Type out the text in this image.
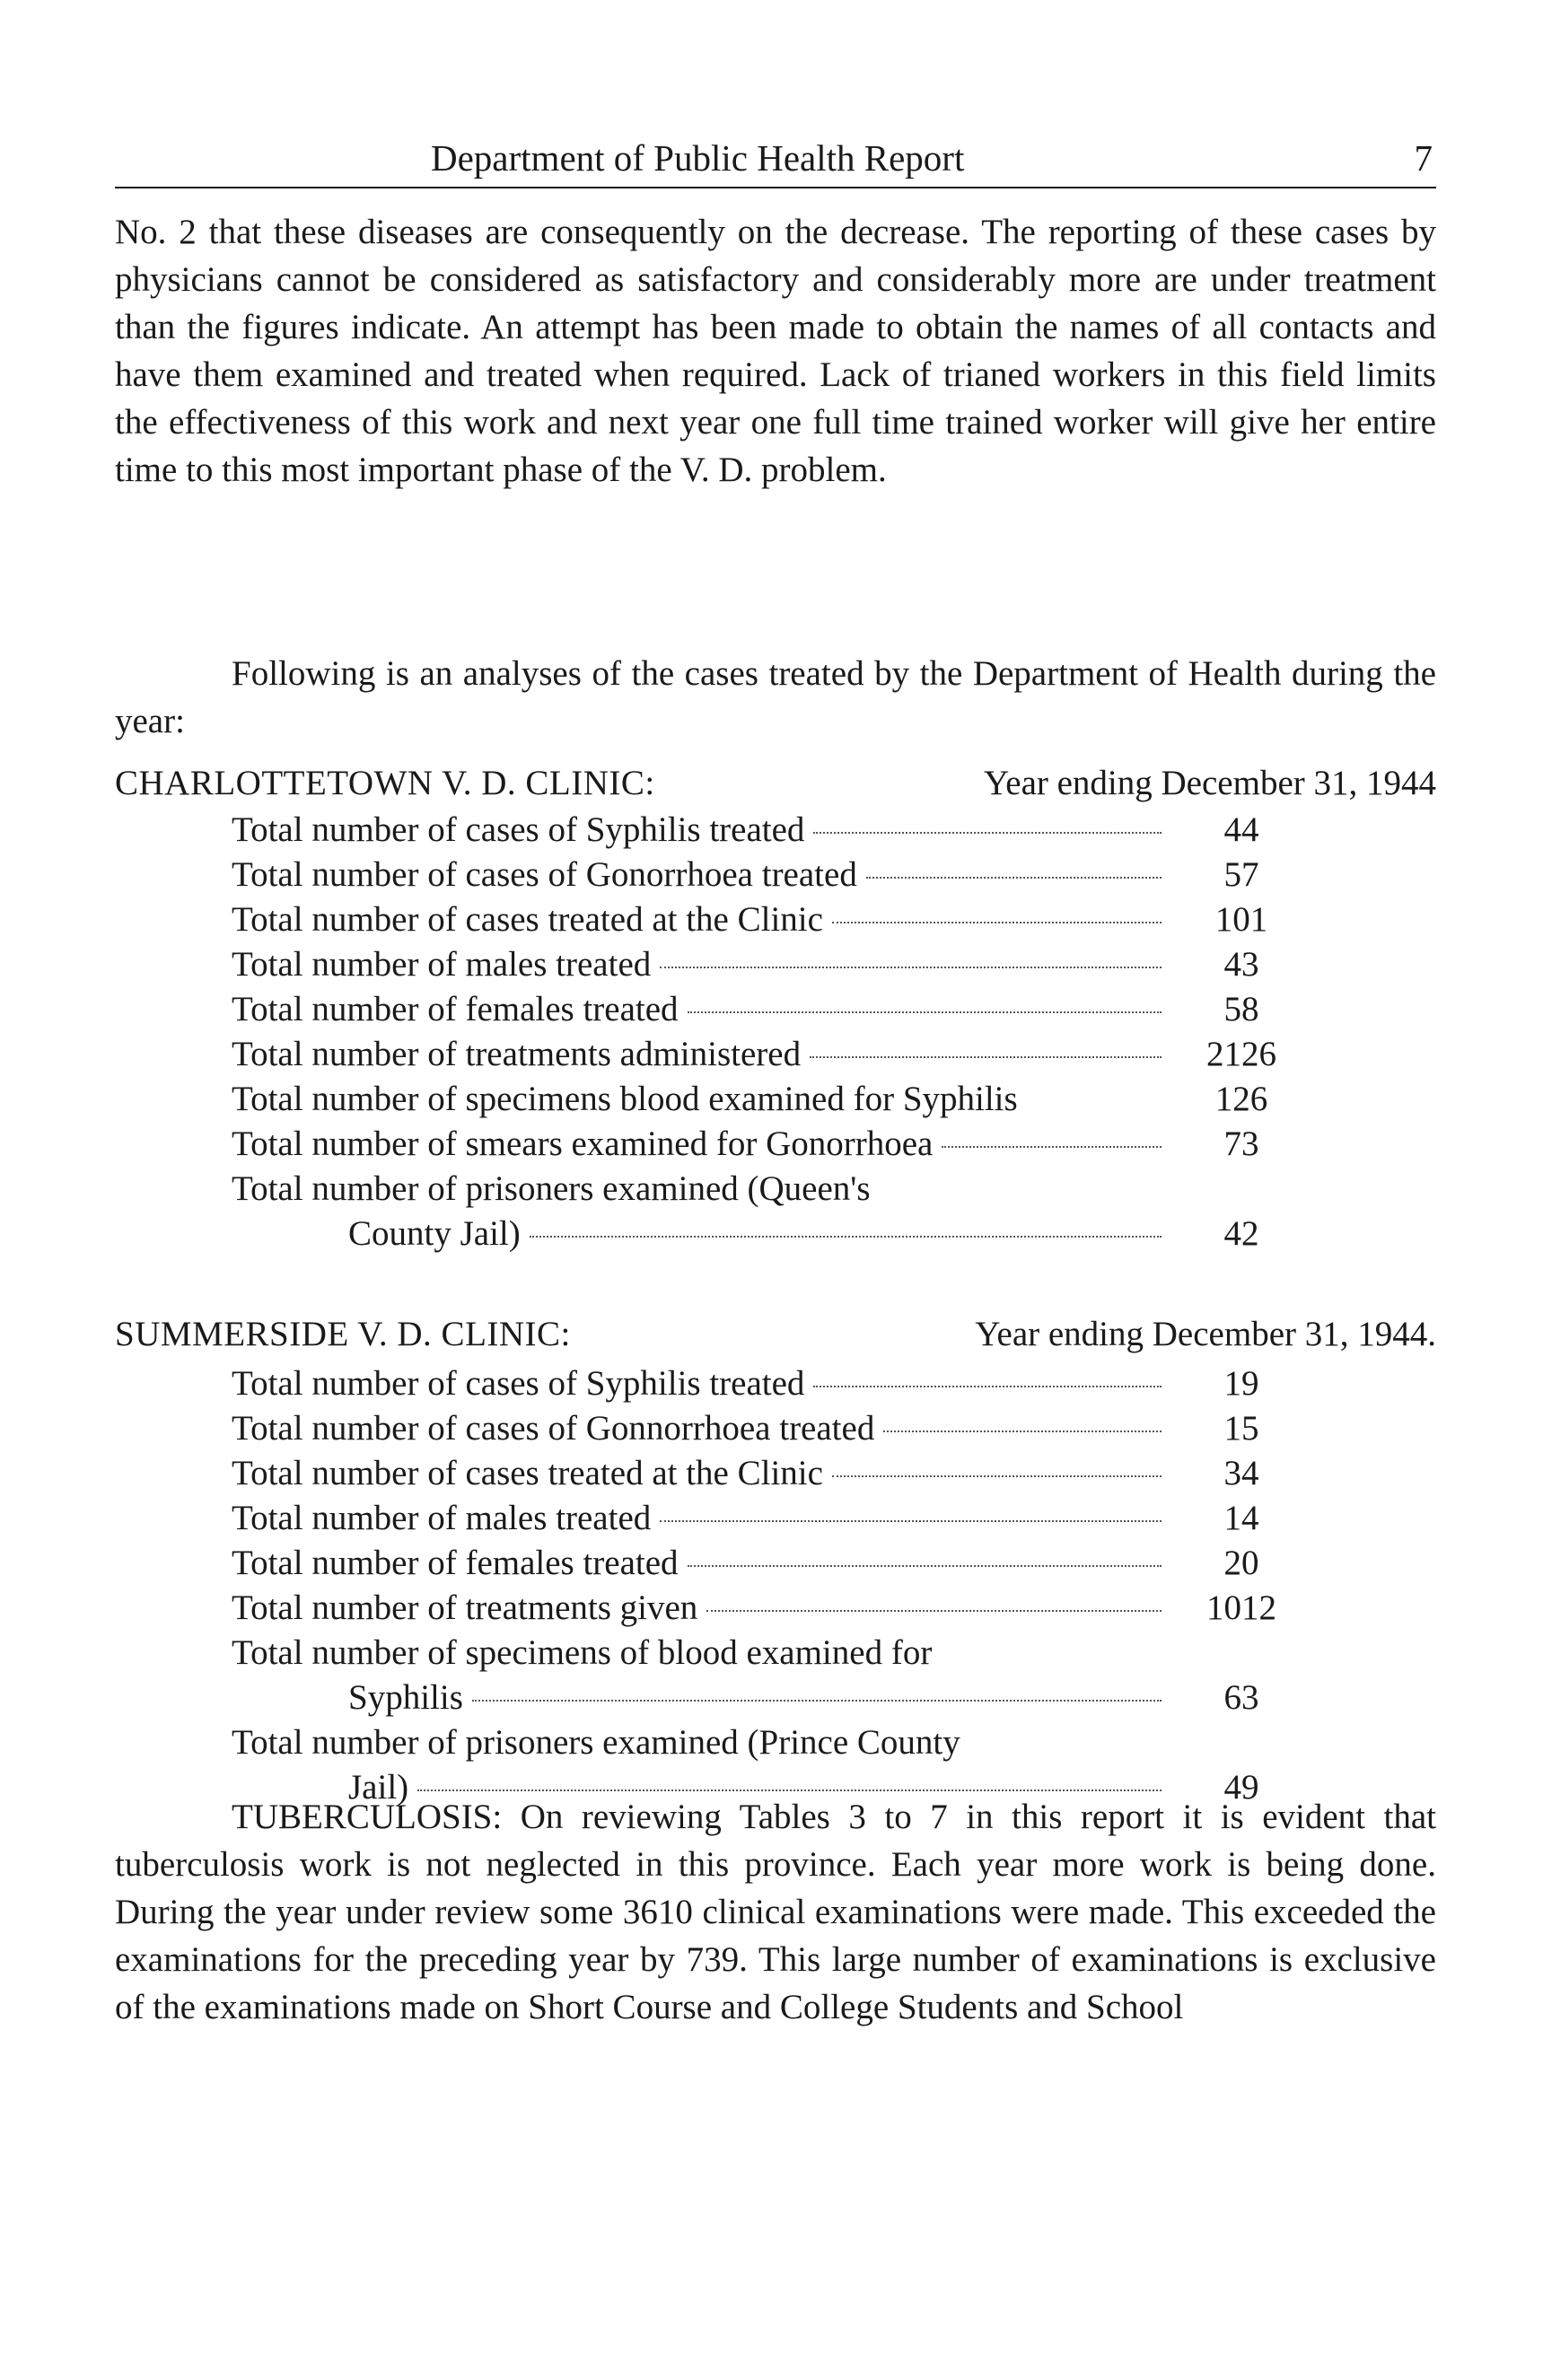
Department of Public Health Report	7

No. 2 that these diseases are consequently on the decrease. The reporting of these cases by physicians cannot be considered as satisfactory and considerably more are under treatment than the figures indicate. An attempt has been made to obtain the names of all contacts and have them examined and treated when required. Lack of trianed workers in this field limits the effectiveness of this work and next year one full time trained worker will give her entire time to this most important phase of the V. D. problem.

Following is an analyses of the cases treated by the Department of Health during the year:

CHARLOTTETOWN V. D. CLINIC:	Year ending December 31, 1944
Total number of cases of Syphilis treated	44
Total number of cases of Gonorrhoea treated	57
Total number of cases treated at the Clinic	101
Total number of males treated	43
Total number of females treated	58
Total number of treatments administered	2126
Total number of specimens blood examined for Syphilis	126
Total number of smears examined for Gonorrhoea	73
Total number of prisoners examined (Queen's
County Jail)	42
SUMMERSIDE V. D. CLINIC:	Year ending December 31, 1944.
Total number of cases of Syphilis treated	19
Total number of cases of Gonnorrhoea treated	15
Total number of cases treated at the Clinic	34
Total number of males treated	14
Total number of females treated	20
Total number of treatments given	1012
Total number of specimens of blood examined for
Syphilis	63
Total number of prisoners examined (Prince County
Jail)	49

TUBERCULOSIS: On reviewing Tables 3 to 7 in this report it is evident that tuberculosis work is not neglected in this province. Each year more work is being done. During the year under review some 3610 clinical examinations were made. This exceeded the examinations for the preceding year by 739. This large number of examinations is exclusive of the examinations made on Short Course and College Students and School
